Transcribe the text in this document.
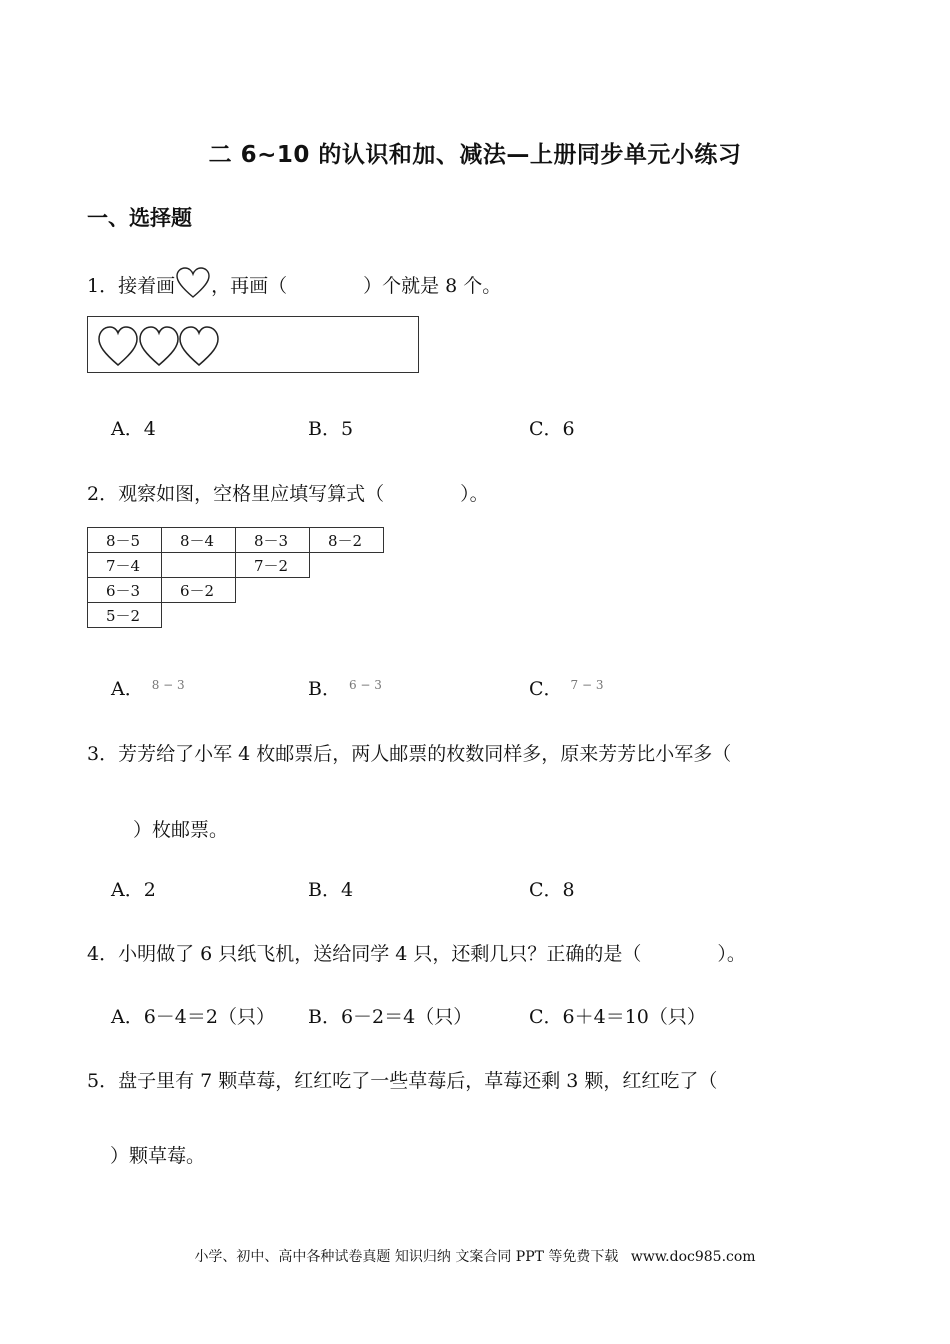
二 6~10 的认识和加、减法—上册同步单元小练习
一、选择题
1．接着画 ，再画（　　　　）个就是 8 个。
A．4	B．5	C．6
2．观察如图，空格里应填写算式（　　　　）。
8－5	8－4	8－3	8－2
7－4		7－2	
6－3	6－2		
5－2			
A． $^{8 - 3}$	B． $^{6 - 3}$	C． $^{7 - 3}$
3．芳芳给了小军 4 枚邮票后，两人邮票的枚数同样多，原来芳芳比小军多（
）枚邮票。
A．2	B．4	C．8
4．小明做了 6 只纸飞机，送给同学 4 只，还剩几只？正确的是（　　　　）。
A．6－4＝2（只） B．6－2＝4（只）	C．6＋4＝10（只）
5．盘子里有 7 颗草莓，红红吃了一些草莓后，草莓还剩 3 颗，红红吃了（
）颗草莓。
小学、初中、高中各种试卷真题 知识归纳 文案合同 PPT 等免费下载 www.doc985.com
